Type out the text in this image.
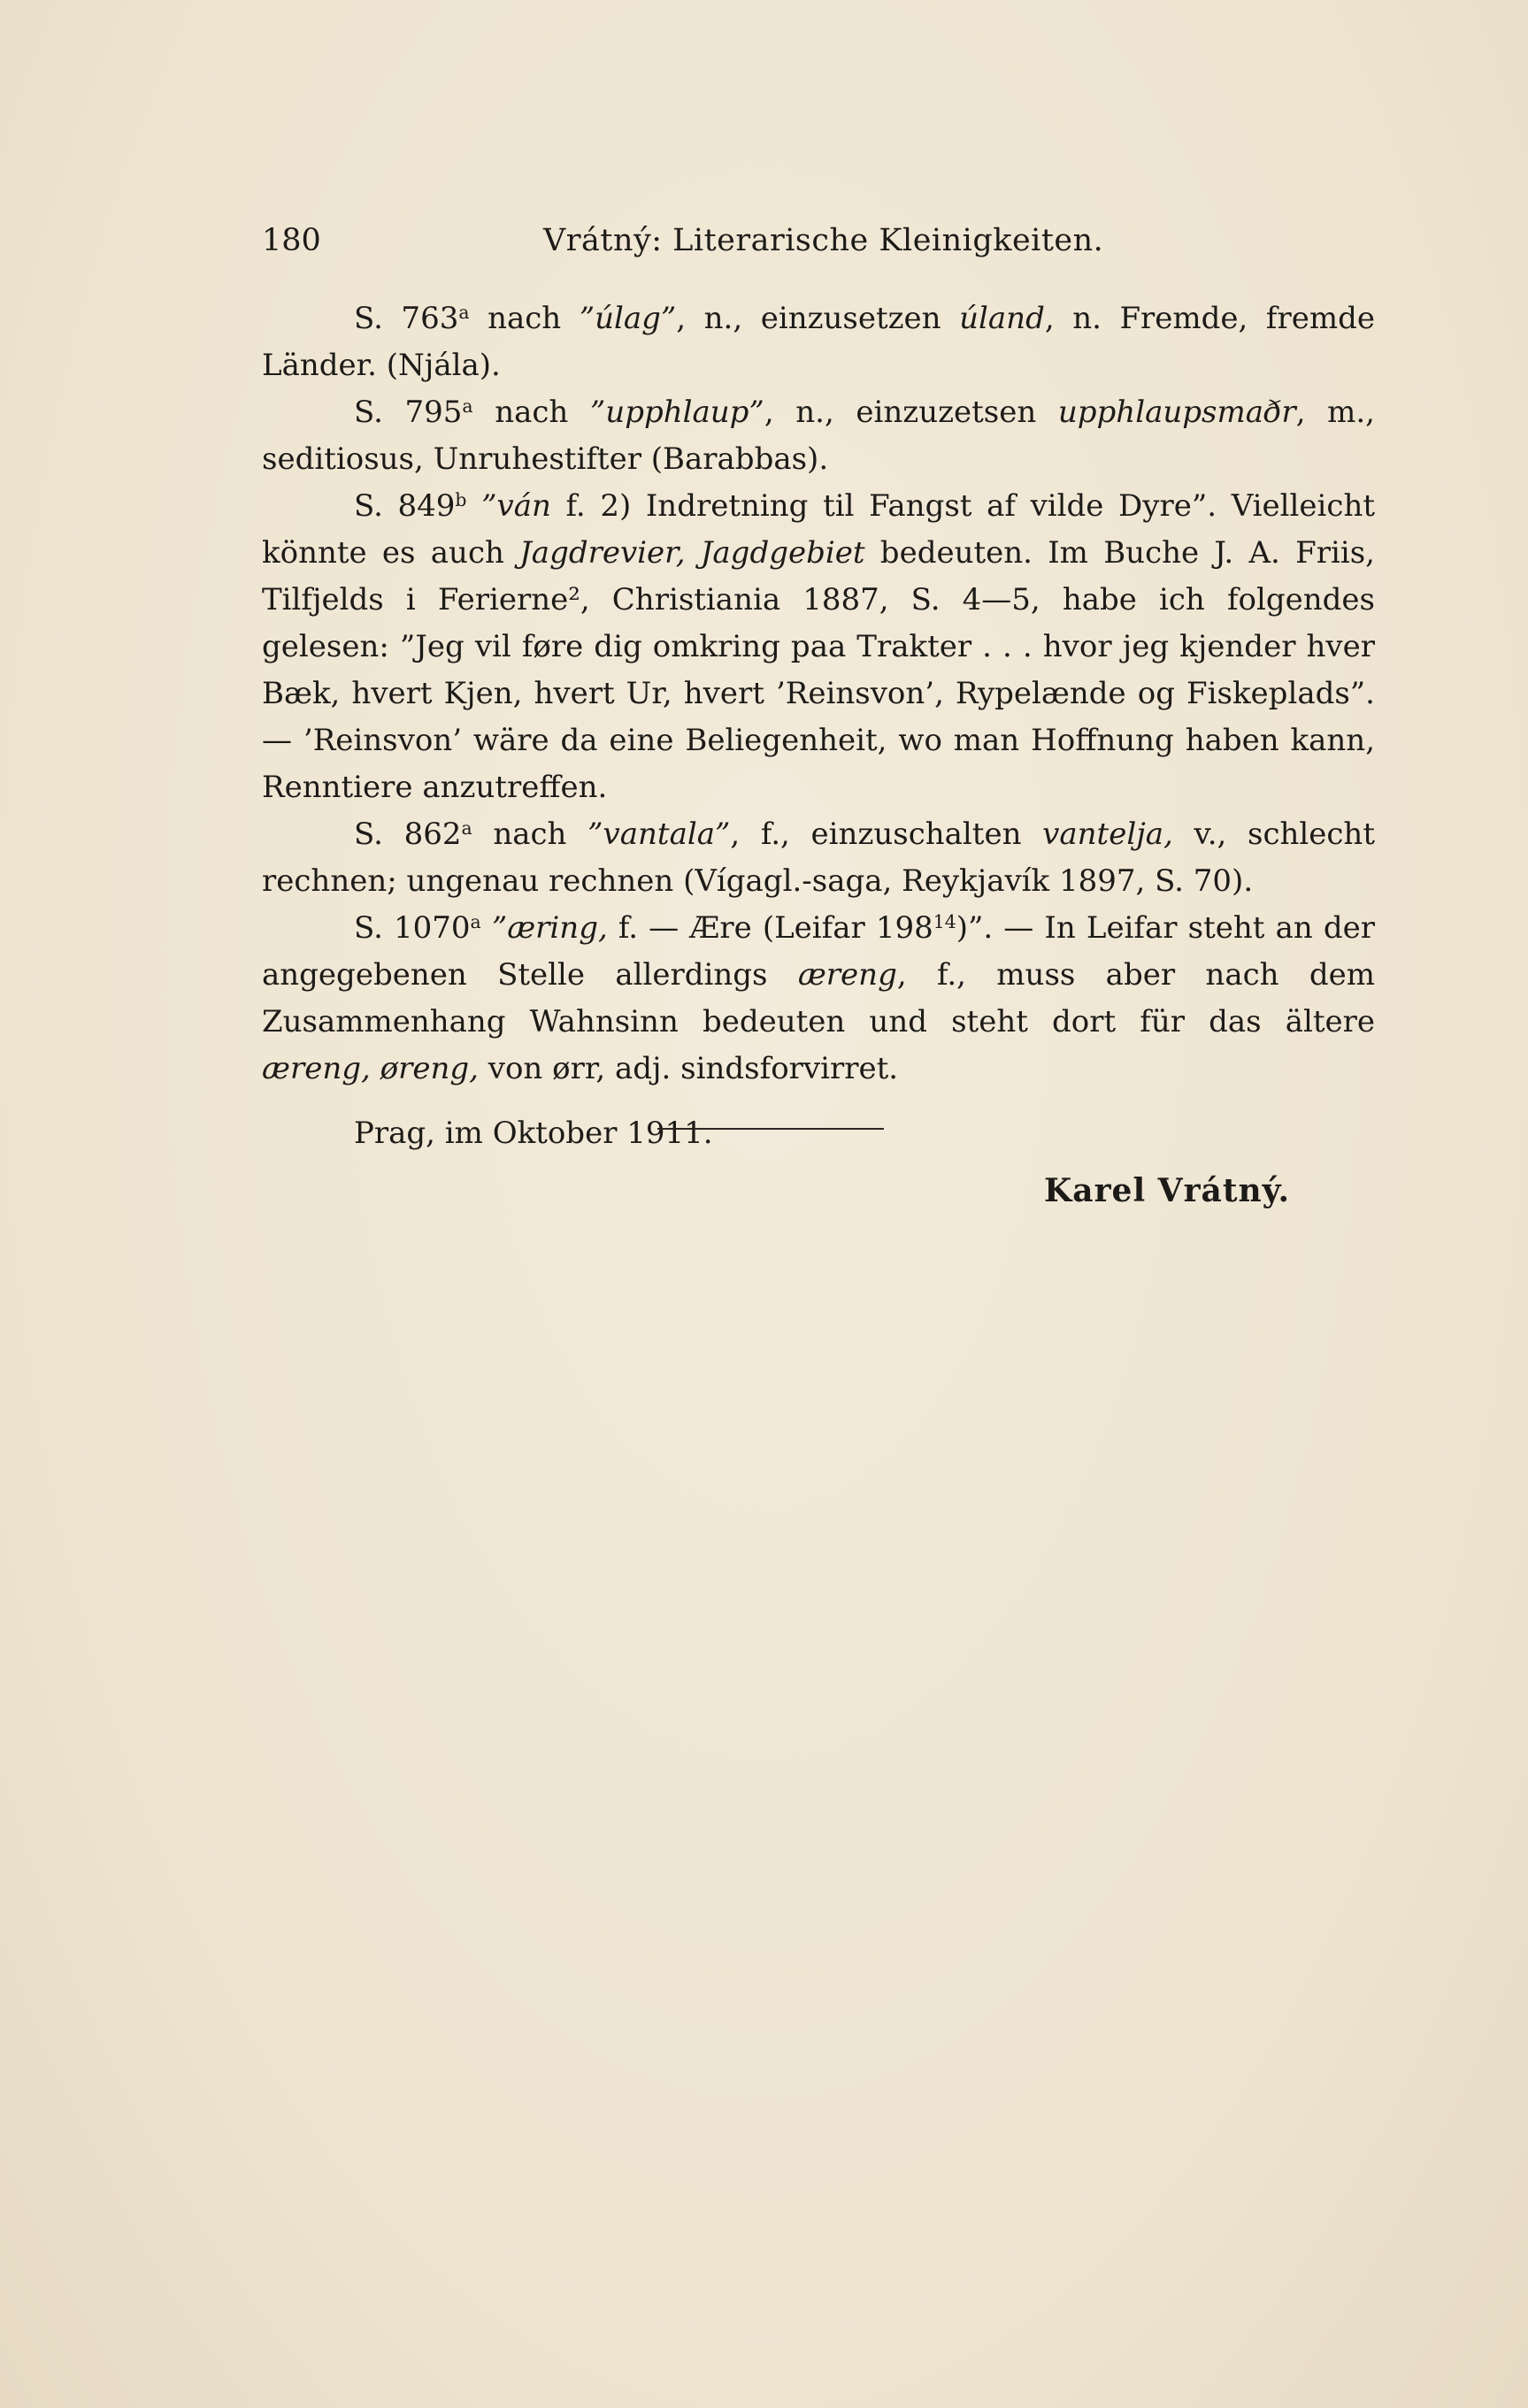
180	Vrátný: Literarische Kleinigkeiten.

S. 763$^a$ nach ”úlag”, n., einzusetzen úland, n. Fremde, fremde Länder. (Njála).

S. 795$^a$ nach ”upphlaup”, n., einzuzetsen upphlaupsmaðr, m., seditiosus, Unruhestifter (Barabbas).

S. 849$^b$ ”ván f. 2) Indretning til Fangst af vilde Dyre”. Vielleicht könnte es auch Jagdrevier, Jagdgebiet bedeuten. Im Buche J. A. Friis, Tilfjelds i Ferierne², Christiania 1887, S. 4—5, habe ich folgendes gelesen: ”Jeg vil føre dig omkring paa Trakter . . . hvor jeg kjender hver Bæk, hvert Kjen, hvert Ur, hvert ’Reinsvon’, Rypelænde og Fiskeplads”. — ’Reinsvon’ wäre da eine Beliegenheit, wo man Hoffnung haben kann, Renntiere anzutreffen.

S. 862$^a$ nach ”vantala”, f., einzuschalten vantelja, v., schlecht rechnen; ungenau rechnen (Vígagl.-saga, Reykjavík 1897, S. 70).

S. 1070$^a$ ”æring, f. — Ære (Leifar $198^{14}$)”. — In Leifar steht an der angegebenen Stelle allerdings æreng, f., muss aber nach dem Zusammenhang Wahnsinn bedeuten und steht dort für das ältere æreng, øreng, von ørr, adj. sindsforvirret.

Prag, im Oktober 1911.

Karel Vrátný.
